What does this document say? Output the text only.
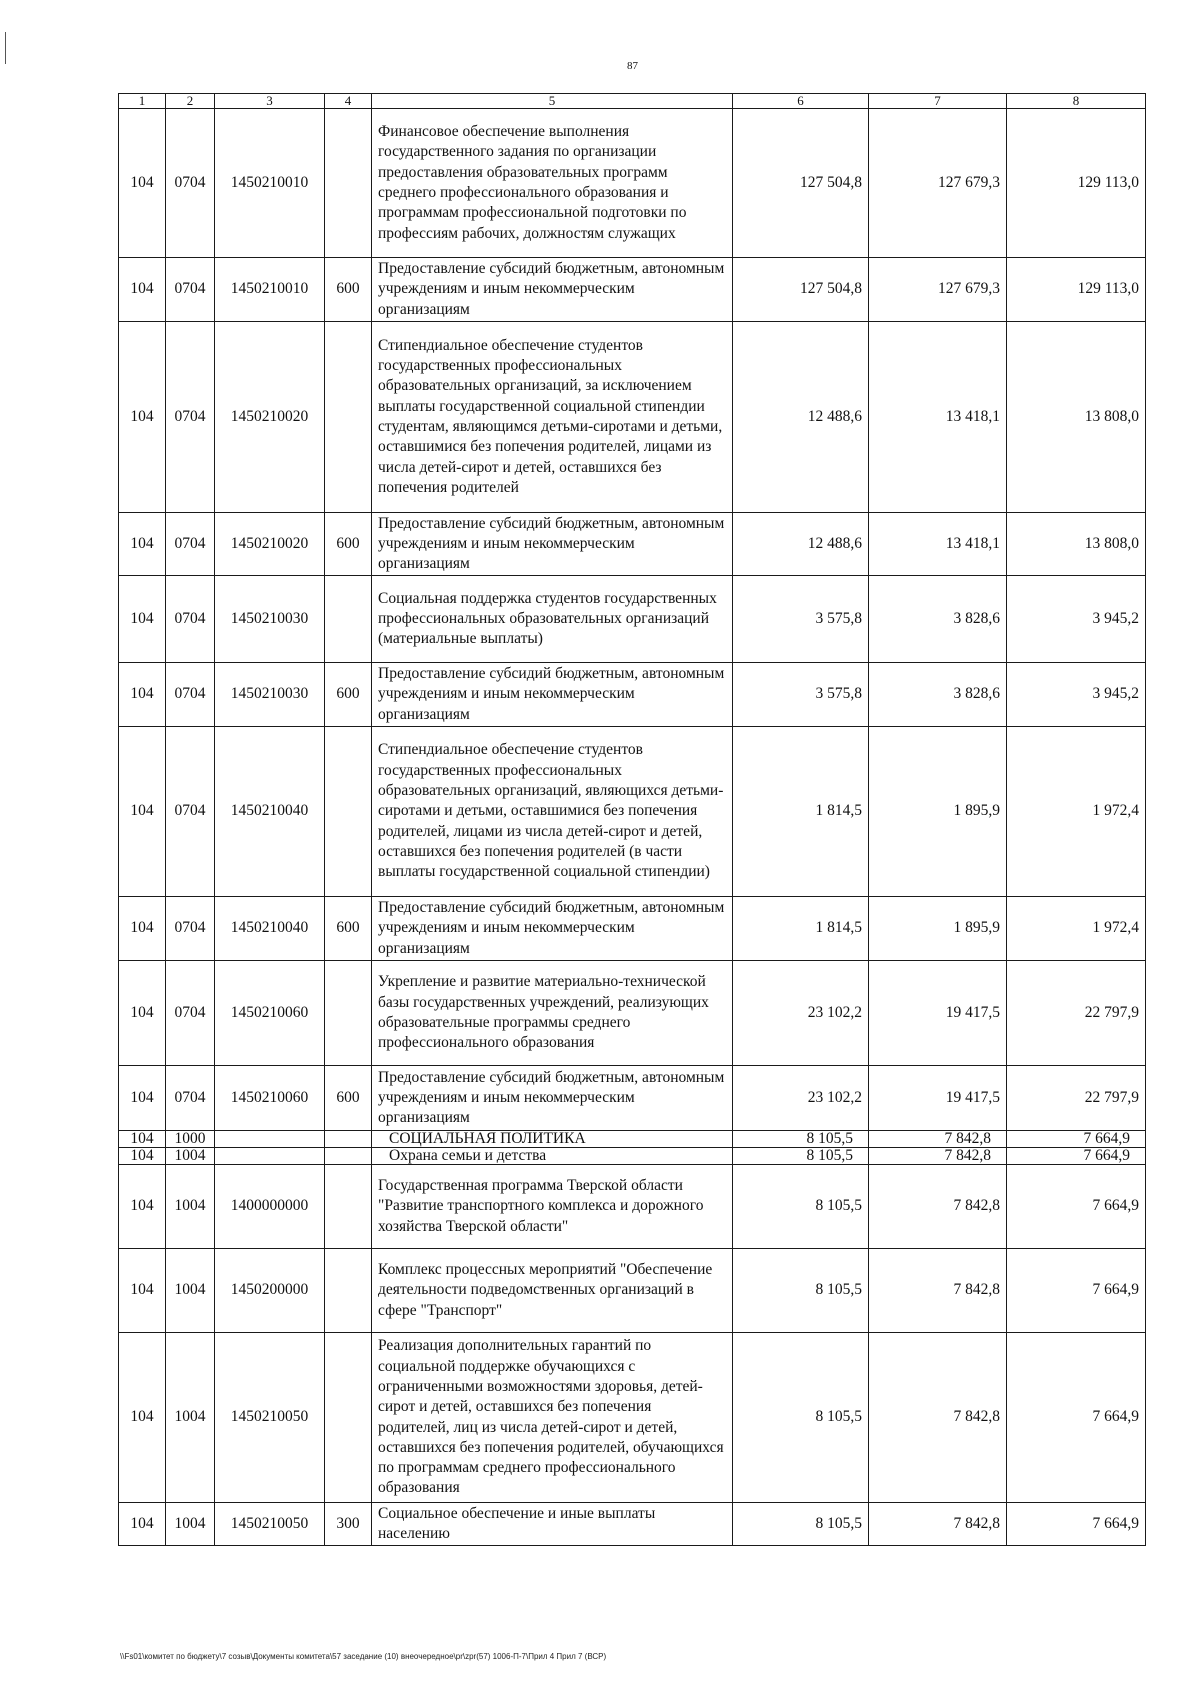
87
1	2	3	4	5	6	7	8
104	0704	1450210010		Финансовое обеспечение выполнения государственного задания по организации предоставления образовательных программ среднего профессионального образования и программам профессиональной подготовки по профессиям рабочих, должностям служащих	127 504,8	127 679,3	129 113,0
104	0704	1450210010	600	Предоставление субсидий бюджетным, автономным учреждениям и иным некоммерческим организациям	127 504,8	127 679,3	129 113,0
104	0704	1450210020		Стипендиальное обеспечение студентов государственных профессиональных образовательных организаций, за исключением выплаты государственной социальной стипендии студентам, являющимся детьми-сиротами и детьми, оставшимися без попечения родителей, лицами из числа детей-сирот и детей, оставшихся без попечения родителей	12 488,6	13 418,1	13 808,0
104	0704	1450210020	600	Предоставление субсидий бюджетным, автономным учреждениям и иным некоммерческим организациям	12 488,6	13 418,1	13 808,0
104	0704	1450210030		Социальная поддержка студентов государственных профессиональных образовательных организаций (материальные выплаты)	3 575,8	3 828,6	3 945,2
104	0704	1450210030	600	Предоставление субсидий бюджетным, автономным учреждениям и иным некоммерческим организациям	3 575,8	3 828,6	3 945,2
104	0704	1450210040		Стипендиальное обеспечение студентов государственных профессиональных образовательных организаций, являющихся детьми-сиротами и детьми, оставшимися без попечения родителей, лицами из числа детей-сирот и детей, оставшихся без попечения родителей (в части выплаты государственной социальной стипендии)	1 814,5	1 895,9	1 972,4
104	0704	1450210040	600	Предоставление субсидий бюджетным, автономным учреждениям и иным некоммерческим организациям	1 814,5	1 895,9	1 972,4
104	0704	1450210060		Укрепление и развитие материально-технической базы государственных учреждений, реализующих образовательные программы среднего профессионального образования	23 102,2	19 417,5	22 797,9
104	0704	1450210060	600	Предоставление субсидий бюджетным, автономным учреждениям и иным некоммерческим организациям	23 102,2	19 417,5	22 797,9
104	1000			СОЦИАЛЬНАЯ ПОЛИТИКА	8 105,5	7 842,8	7 664,9
104	1004			Охрана семьи и детства	8 105,5	7 842,8	7 664,9
104	1004	1400000000		Государственная программа Тверской области "Развитие транспортного комплекса и дорожного хозяйства Тверской области"	8 105,5	7 842,8	7 664,9
104	1004	1450200000		Комплекс процессных мероприятий "Обеспечение деятельности подведомственных организаций в сфере "Транспорт"	8 105,5	7 842,8	7 664,9
104	1004	1450210050		Реализация дополнительных гарантий по социальной поддержке обучающихся с ограниченными возможностями здоровья, детей-сирот и детей, оставшихся без попечения родителей, лиц из числа детей-сирот и детей, оставшихся без попечения родителей, обучающихся по программам среднего профессионального образования	8 105,5	7 842,8	7 664,9
104	1004	1450210050	300	Социальное обеспечение и иные выплаты населению	8 105,5	7 842,8	7 664,9
\\Fs01\комитет по бюджету\7 созыв\Документы комитета\57 заседание (10) внеочередное\pr\zpr(57) 1006-П-7\Прил 4 Прил 7 (ВСР)
